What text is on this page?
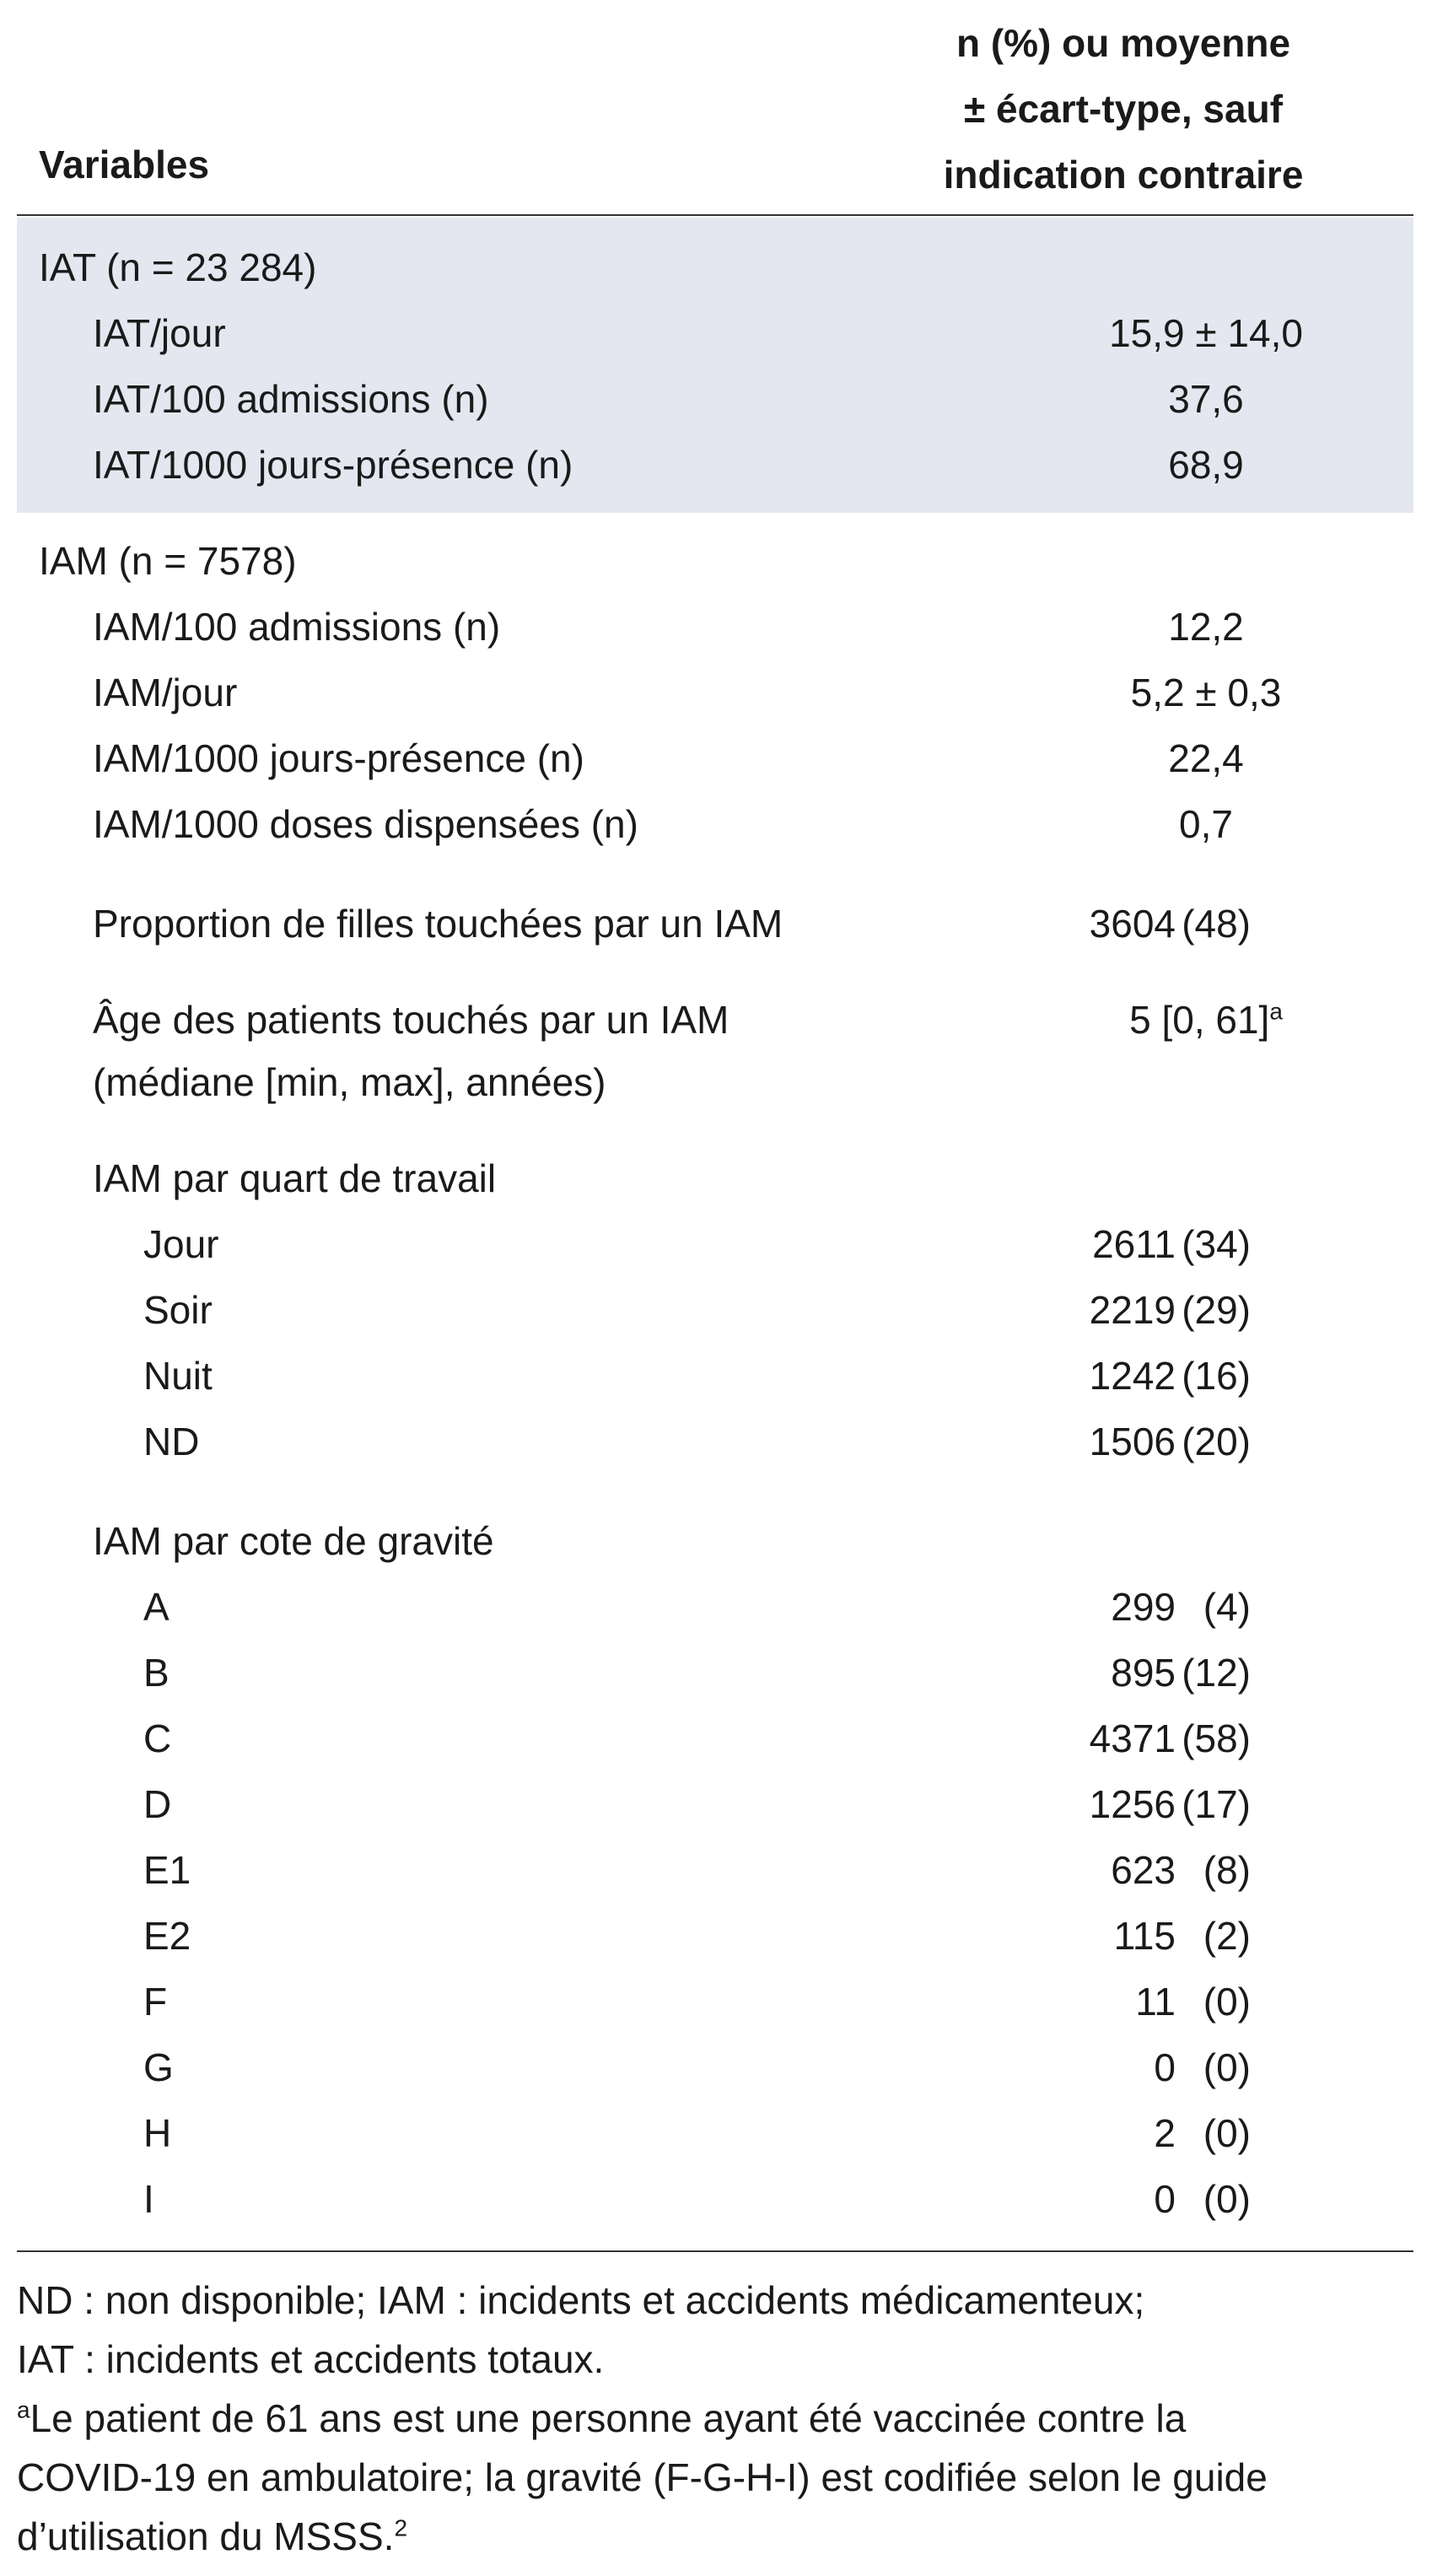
Variables
n (%) ou moyenne
± écart-type, sauf
indication contraire
IAT (n = 23 284)
IAT/jour	15,9 ± 14,0
IAT/100 admissions (n)	37,6
IAT/1000 jours-présence (n)	68,9
IAM (n = 7578)
IAM/100 admissions (n)	12,2
IAM/jour	5,2 ± 0,3
IAM/1000 jours-présence (n)	22,4
IAM/1000 doses dispensées (n)	0,7
Proportion de filles touchées par un IAM	3604 (48)
Âge des patients touchés par un IAM	5 [0, 61]$^a$
(médiane [min, max], années)
IAM par quart de travail
Jour	2611 (34)
Soir	2219 (29)
Nuit	1242 (16)
ND	1506 (20)
IAM par cote de gravité
A	299 (4)
B	895 (12)
C	4371 (58)
D	1256 (17)
E1	623 (8)
E2	115 (2)
F	11 (0)
G	0 (0)
H	2 (0)
I	0 (0)
ND : non disponible; IAM : incidents et accidents médicamenteux;
IAT : incidents et accidents totaux.
$^a$Le patient de 61 ans est une personne ayant été vaccinée contre la
COVID-19 en ambulatoire; la gravité (F-G-H-I) est codifiée selon le guide
d’utilisation du MSSS.$^2$
